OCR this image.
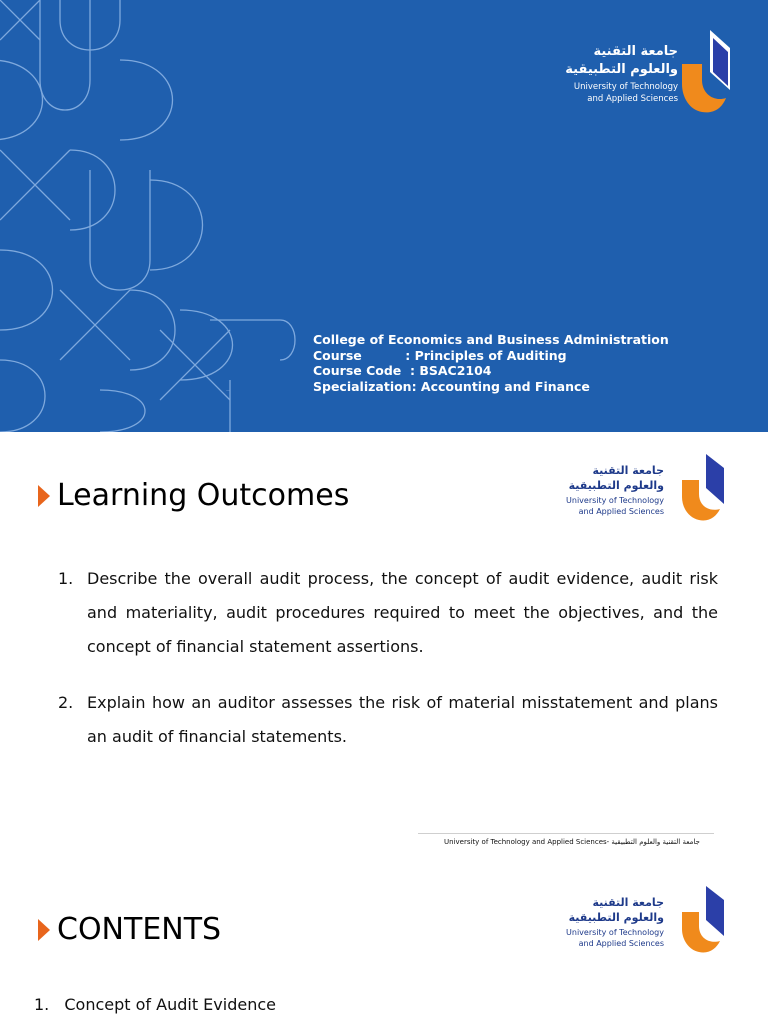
—
جامعة التقنية
والعلوم التطبيقية
University of Technology
and Applied Sciences
College of Economics and Business Administration
Course          : Principles of Auditing
Course Code  : BSAC2104
Specialization: Accounting and Finance
Learning Outcomes
جامعة التقنية
والعلوم التطبيقية
University of Technology
and Applied Sciences
1. Describe the overall audit process, the concept of audit evidence, audit risk and materiality, audit procedures required to meet the objectives, and the concept of financial statement assertions.
2. Explain how an auditor assesses the risk of material misstatement and plans an audit of financial statements.
University of Technology and Applied Sciences- جامعة التقنية والعلوم التطبيقية
CONTENTS
جامعة التقنية
والعلوم التطبيقية
University of Technology
and Applied Sciences
1. Concept of Audit Evidence
